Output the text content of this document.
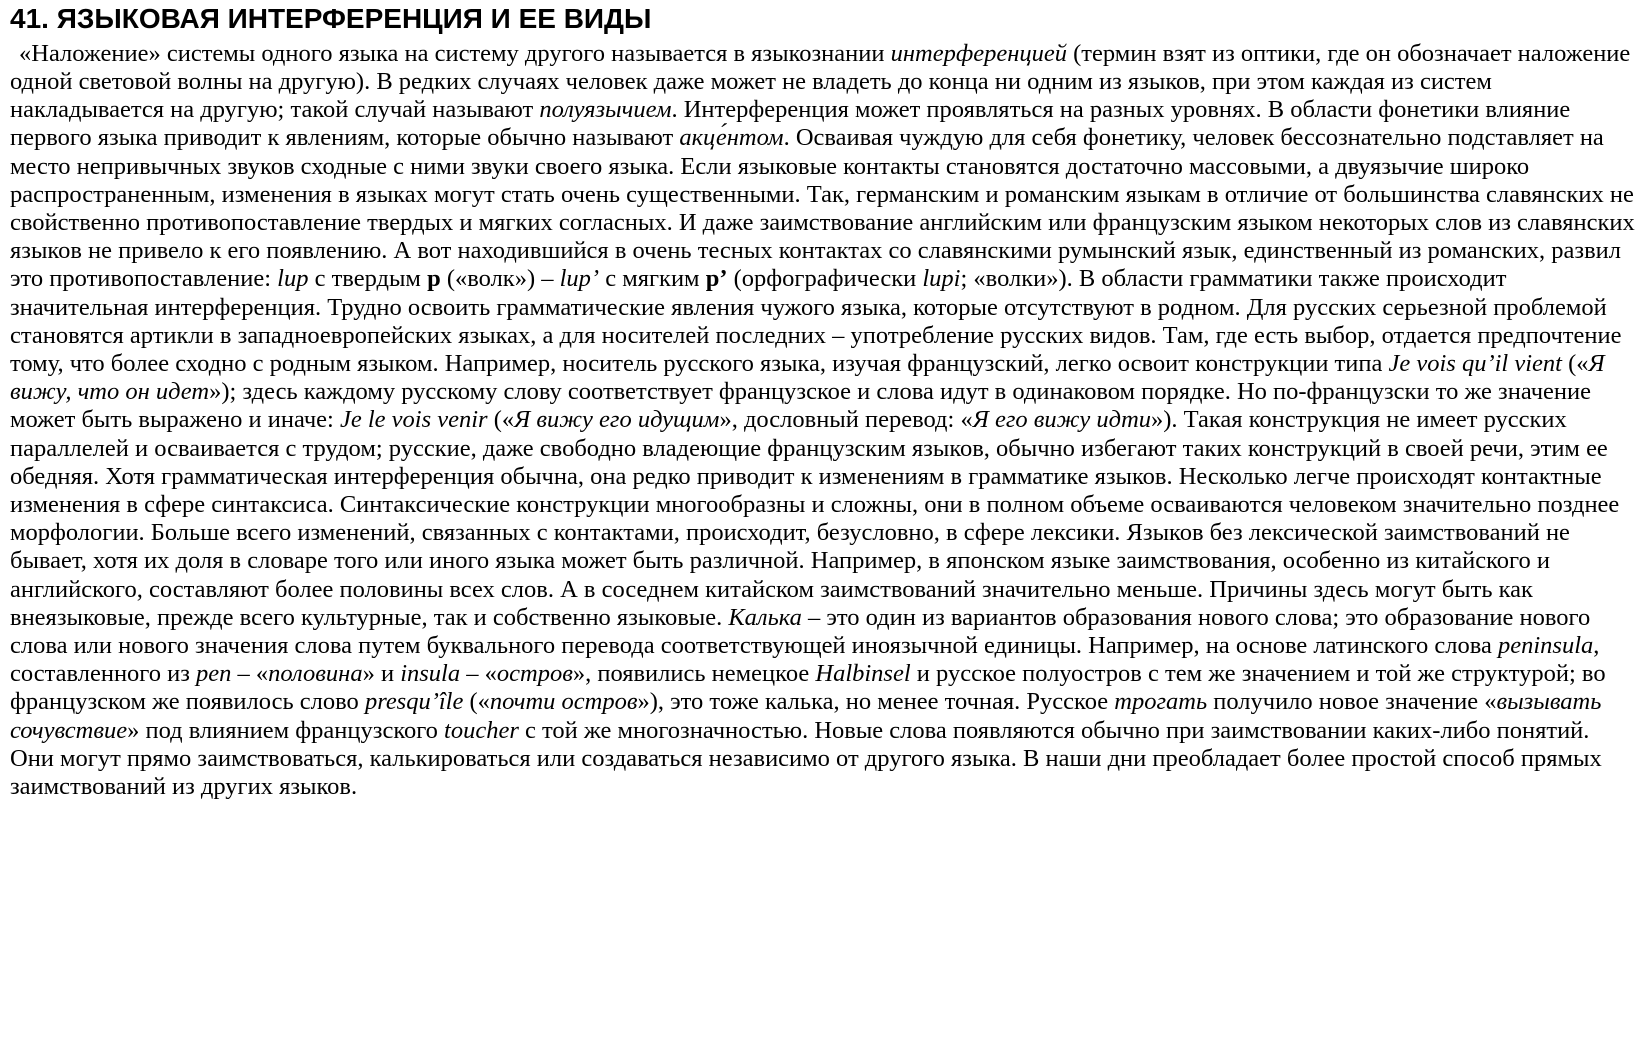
41. ЯЗЫКОВАЯ ИНТЕРФЕРЕНЦИЯ И ЕЕ ВИДЫ

«Наложение» системы одного языка на систему другого называется в языкознании интерференцией (термин взят из оптики, где он обозначает наложение одной световой волны на другую). В редких случаях человек даже может не владеть до конца ни одним из языков, при этом каждая из систем накладывается на другую; такой случай называют полуязычием. Интерференция может проявляться на разных уровнях. В области фонетики влияние первого языка приводит к явлениям, которые обычно называют акце́нтом. Осваивая чуждую для себя фонетику, человек бессознательно подставляет на место непривычных звуков сходные с ними звуки своего языка. Если языковые контакты становятся достаточно массовыми, а двуязычие широко распространенным, изменения в языках могут стать очень существенными. Так, германским и романским языкам в отличие от большинства славянских не свойственно противопоставление твердых и мягких согласных. И даже заимствование английским или французским языком некоторых слов из славянских языков не привело к его появлению. А вот находившийся в очень тесных контактах со славянскими румынский язык, единственный из романских, развил это противопоставление: lup с твердым р («волк») – lup’ с мягким р’ (орфографически lupi; «волки»). В области грамматики также происходит значительная интерференция. Трудно освоить грамматические явления чужого языка, которые отсутствуют в родном. Для русских серьезной проблемой становятся артикли в западноевропейских языках, а для носителей последних – употребление русских видов. Там, где есть выбор, отдается предпочтение тому, что более сходно с родным языком. Например, носитель русского языка, изучая французский, легко освоит конструкции типа Je vois qu’il vient («Я вижу, что он идет»); здесь каждому русскому слову соответствует французское и слова идут в одинаковом порядке. Но по-французски то же значение может быть выражено и иначе: Je le vois venir («Я вижу его идущим», дословный перевод: «Я его вижу идти»). Такая конструкция не имеет русских параллелей и осваивается с трудом; русские, даже свободно владеющие французским языков, обычно избегают таких конструкций в своей речи, этим ее обедняя. Хотя грамматическая интерференция обычна, она редко приводит к изменениям в грамматике языков. Несколько легче происходят контактные изменения в сфере синтаксиса. Синтаксические конструкции многообразны и сложны, они в полном объеме осваиваются человеком значительно позднее морфологии. Больше всего изменений, связанных с контактами, происходит, безусловно, в сфере лексики. Языков без лексической заимствований не бывает, хотя их доля в словаре того или иного языка может быть различной. Например, в японском языке заимствования, особенно из китайского и английского, составляют более половины всех слов. А в соседнем китайском заимствований значительно меньше. Причины здесь могут быть как внеязыковые, прежде всего культурные, так и собственно языковые. Калька – это один из вариантов образования нового слова; это образование нового слова или нового значения слова путем буквального перевода соответствующей иноязычной единицы. Например, на основе латинского слова peninsula, составленного из pen – «половина» и insula – «остров», появились немецкое Halbinsel и русское полуостров с тем же значением и той же структурой; во французском же появилось слово presqu’île («почти остров»), это тоже калька, но менее точная. Русское трогать получило новое значение «вызывать сочувствие» под влиянием французского toucher с той же многозначностью. Новые слова появляются обычно при заимствовании каких-либо понятий. Они могут прямо заимствоваться, калькироваться или создаваться независимо от другого языка. В наши дни преобладает более простой способ прямых заимствований из других языков.
